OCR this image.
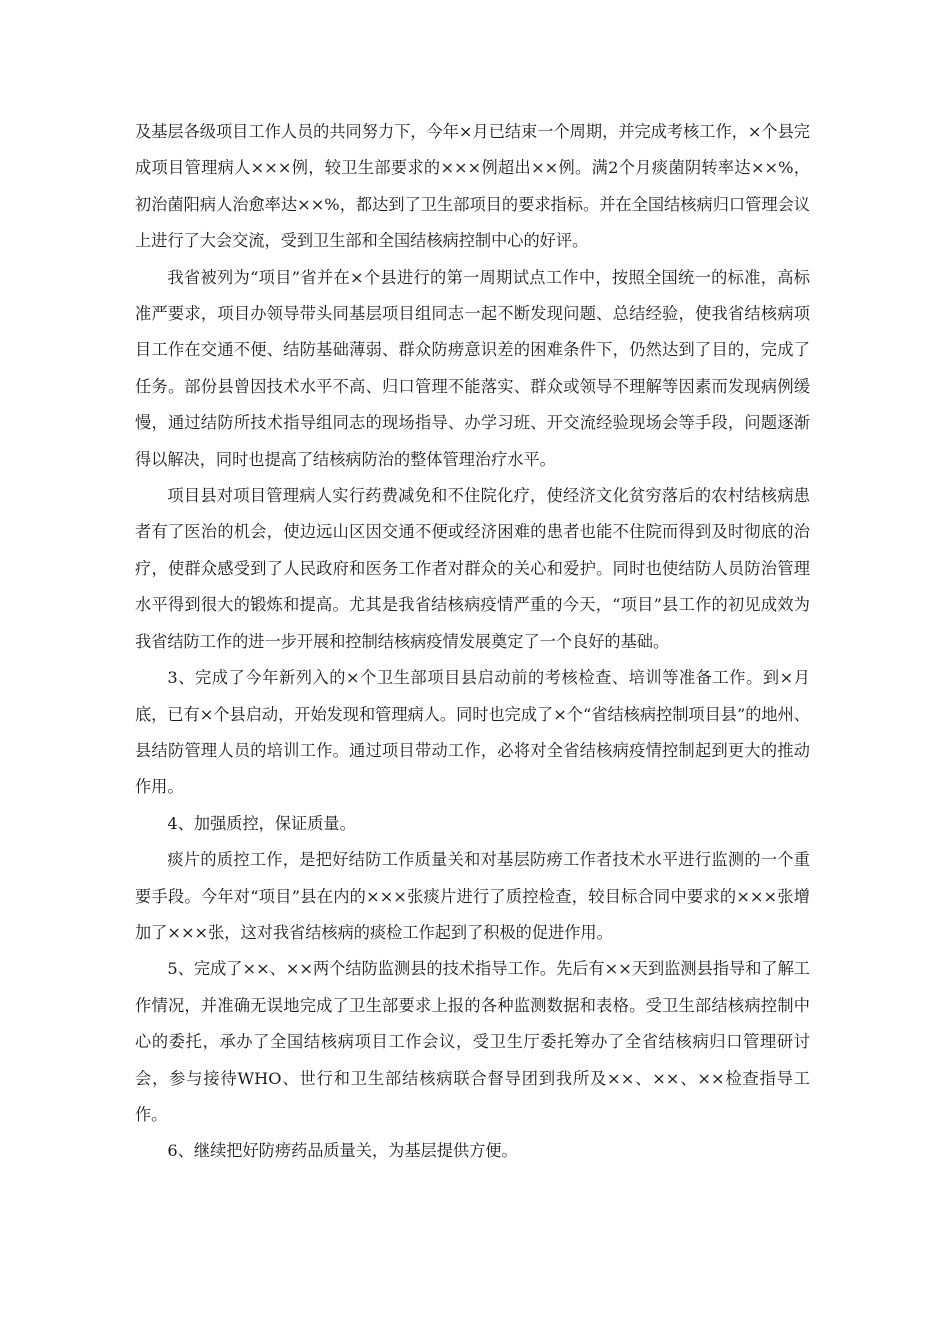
及基层各级项目工作人员的共同努力下，今年×月已结束一个周期，并完成考核工作，×个县完成项目管理病人×××例，较卫生部要求的×××例超出××例。满2个月痰菌阴转率达××%，初治菌阳病人治愈率达××%，都达到了卫生部项目的要求指标。并在全国结核病归口管理会议上进行了大会交流，受到卫生部和全国结核病控制中心的好评。

我省被列为“项目”省并在×个县进行的第一周期试点工作中，按照全国统一的标准，高标准严要求，项目办领导带头同基层项目组同志一起不断发现问题、总结经验，使我省结核病项目工作在交通不便、结防基础薄弱、群众防痨意识差的困难条件下，仍然达到了目的，完成了任务。部份县曾因技术水平不高、归口管理不能落实、群众或领导不理解等因素而发现病例缓慢，通过结防所技术指导组同志的现场指导、办学习班、开交流经验现场会等手段，问题逐渐得以解决，同时也提高了结核病防治的整体管理治疗水平。

项目县对项目管理病人实行药费减免和不住院化疗，使经济文化贫穷落后的农村结核病患者有了医治的机会，使边远山区因交通不便或经济困难的患者也能不住院而得到及时彻底的治疗，使群众感受到了人民政府和医务工作者对群众的关心和爱护。同时也使结防人员防治管理水平得到很大的锻炼和提高。尤其是我省结核病疫情严重的今天，“项目”县工作的初见成效为我省结防工作的进一步开展和控制结核病疫情发展奠定了一个良好的基础。

3、完成了今年新列入的×个卫生部项目县启动前的考核检查、培训等准备工作。到×月底，已有×个县启动，开始发现和管理病人。同时也完成了×个“省结核病控制项目县”的地州、县结防管理人员的培训工作。通过项目带动工作，必将对全省结核病疫情控制起到更大的推动作用。

4、加强质控，保证质量。

痰片的质控工作，是把好结防工作质量关和对基层防痨工作者技术水平进行监测的一个重要手段。今年对“项目”县在内的×××张痰片进行了质控检查，较目标合同中要求的×××张增加了×××张，这对我省结核病的痰检工作起到了积极的促进作用。

5、完成了××、××两个结防监测县的技术指导工作。先后有××天到监测县指导和了解工作情况，并准确无误地完成了卫生部要求上报的各种监测数据和表格。受卫生部结核病控制中心的委托，承办了全国结核病项目工作会议，受卫生厅委托筹办了全省结核病归口管理研讨会，参与接待WHO、世行和卫生部结核病联合督导团到我所及××、××、××检查指导工作。

6、继续把好防痨药品质量关，为基层提供方便。
